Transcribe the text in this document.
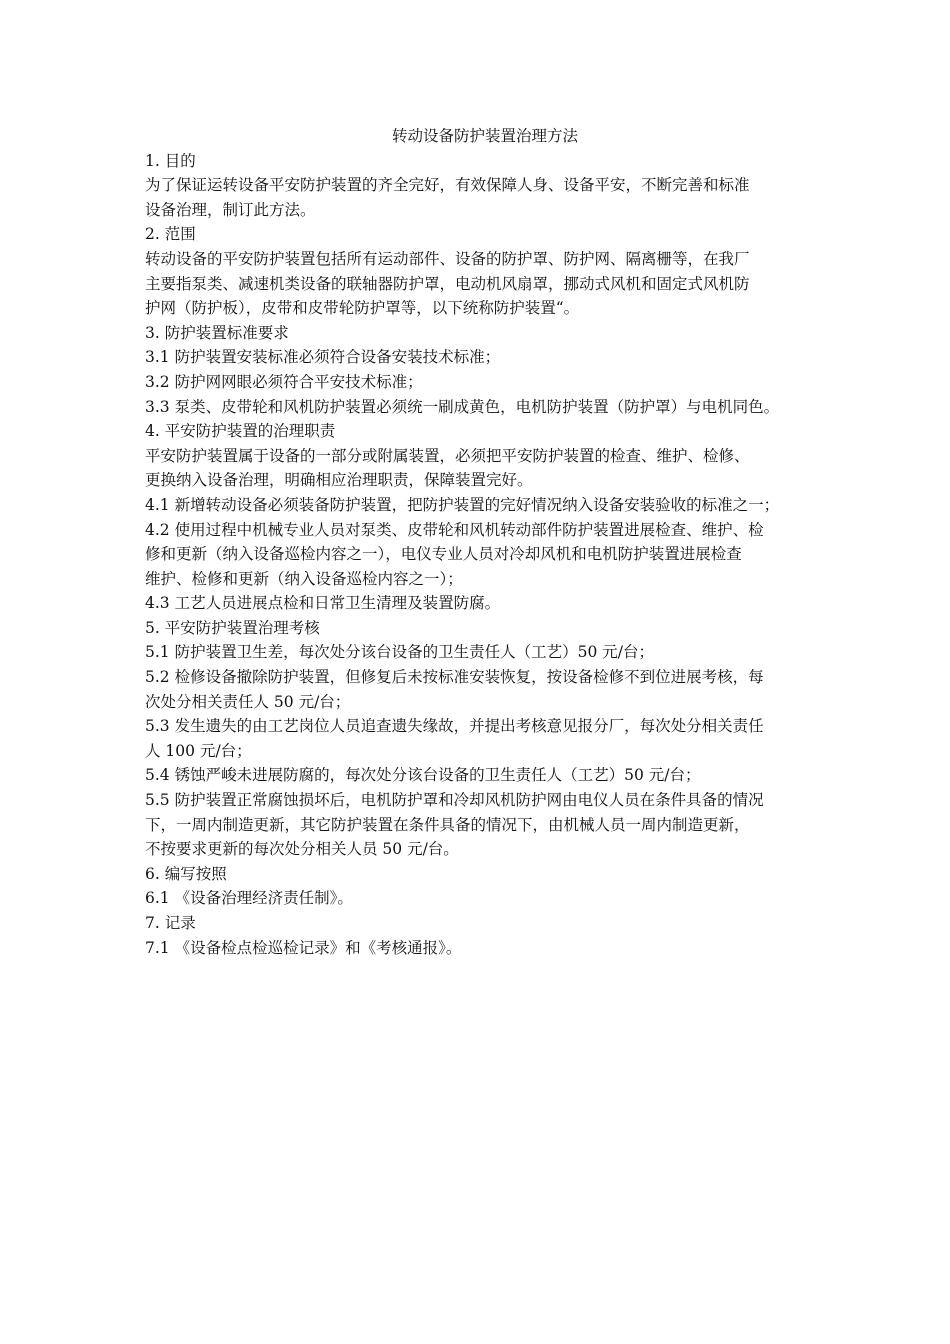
转动设备防护装置治理方法

1. 目的

为了保证运转设备平安防护装置的齐全完好，有效保障人身、设备平安，不断完善和标准
设备治理，制订此方法。

2. 范围

转动设备的平安防护装置包括所有运动部件、设备的防护罩、防护网、隔离栅等，在我厂
主要指泵类、减速机类设备的联轴器防护罩，电动机风扇罩，挪动式风机和固定式风机防
护网（防护板），皮带和皮带轮防护罩等，以下统称防护装置“。

3. 防护装置标准要求

3.1 防护装置安装标准必须符合设备安装技术标准；

3.2 防护网网眼必须符合平安技术标准；

3.3 泵类、皮带轮和风机防护装置必须统一刷成黄色，电机防护装置（防护罩）与电机同色。

4. 平安防护装置的治理职责

平安防护装置属于设备的一部分或附属装置，必须把平安防护装置的检查、维护、检修、
更换纳入设备治理，明确相应治理职责，保障装置完好。

4.1 新增转动设备必须装备防护装置，把防护装置的完好情况纳入设备安装验收的标准之一；

4.2 使用过程中机械专业人员对泵类、皮带轮和风机转动部件防护装置进展检查、维护、检
修和更新（纳入设备巡检内容之一），电仪专业人员对冷却风机和电机防护装置进展检查
维护、检修和更新（纳入设备巡检内容之一）；

4.3 工艺人员进展点检和日常卫生清理及装置防腐。

5. 平安防护装置治理考核

5.1 防护装置卫生差，每次处分该台设备的卫生责任人（工艺）50 元/台；

5.2 检修设备撤除防护装置，但修复后未按标准安装恢复，按设备检修不到位进展考核，每
次处分相关责任人 50 元/台；

5.3 发生遗失的由工艺岗位人员追查遗失缘故，并提出考核意见报分厂，每次处分相关责任
人 100 元/台；

5.4 锈蚀严峻未进展防腐的，每次处分该台设备的卫生责任人（工艺）50 元/台；

5.5 防护装置正常腐蚀损坏后，电机防护罩和冷却风机防护网由电仪人员在条件具备的情况
下，一周内制造更新，其它防护装置在条件具备的情况下，由机械人员一周内制造更新，
不按要求更新的每次处分相关人员 50 元/台。

6. 编写按照

6.1 《设备治理经济责任制》。

7. 记录

7.1 《设备检点检巡检记录》和《考核通报》。
